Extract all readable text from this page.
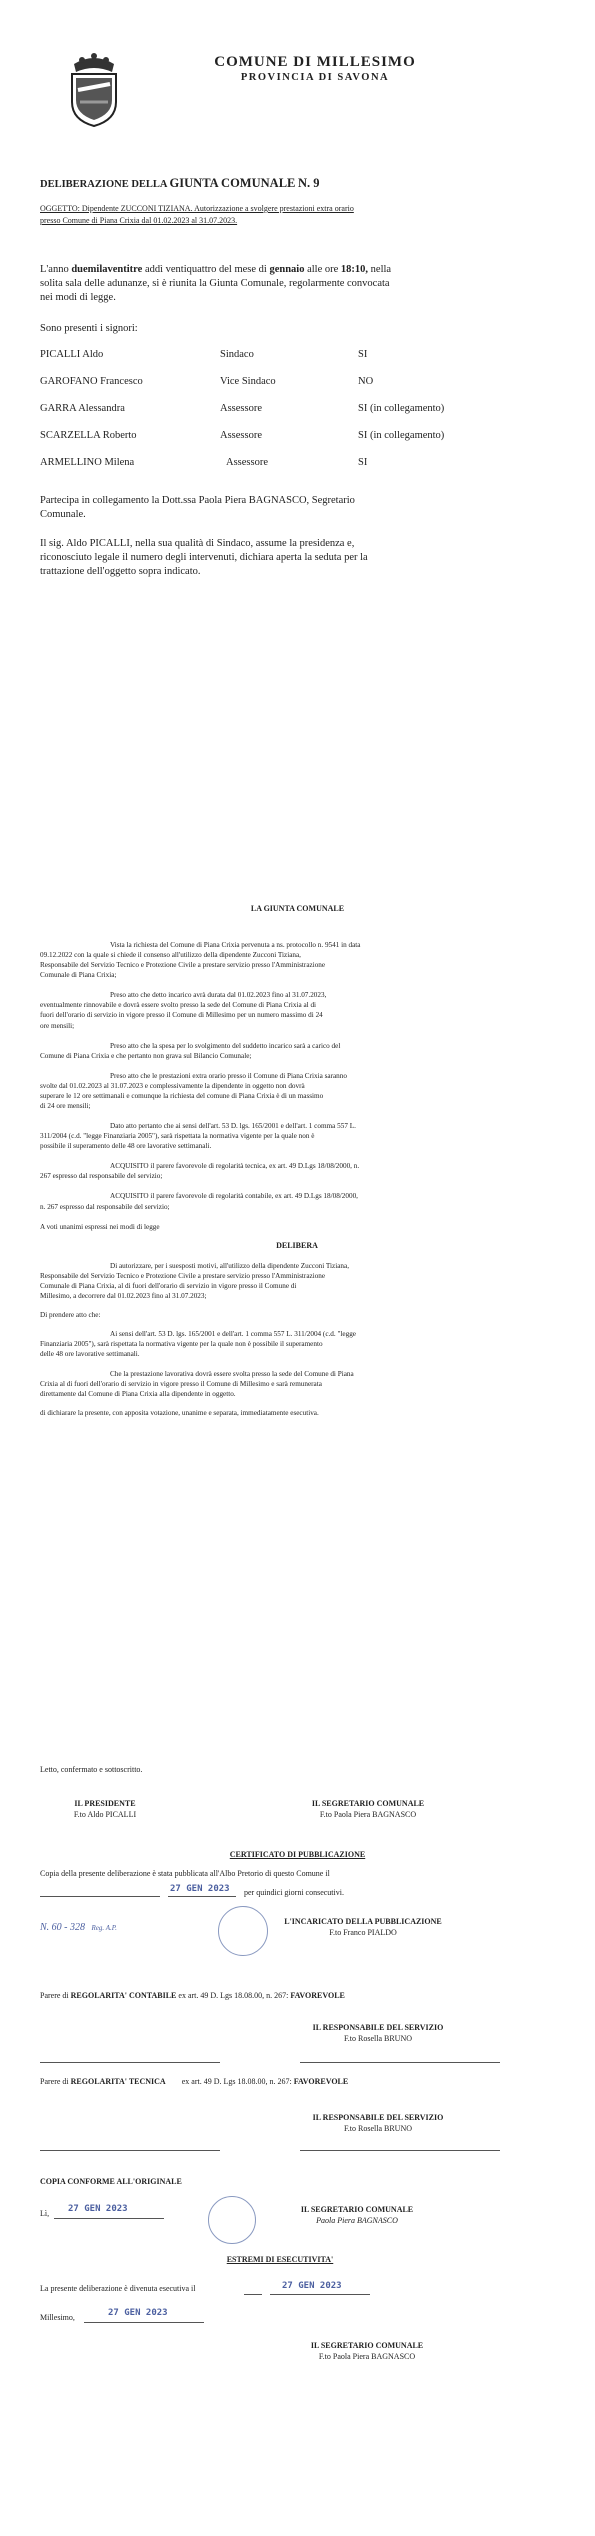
COMUNE DI MILLESIMO
PROVINCIA DI SAVONA
DELIBERAZIONE DELLA GIUNTA COMUNALE N. 9
OGGETTO: Dipendente ZUCCONI TIZIANA. Autorizzazione a svolgere prestazioni extra orario
presso Comune di Piana Crixia dal 01.02.2023 al 31.07.2023.
L'anno duemilaventitre addì ventiquattro del mese di gennaio alle ore 18:10, nella
solita sala delle adunanze, si è riunita la Giunta Comunale, regolarmente convocata
nei modi di legge.
Sono presenti i signori:
PICALLI Aldo	Sindaco	SI
GAROFANO Francesco	Vice Sindaco	NO
GARRA Alessandra	Assessore	SI (in collegamento)
SCARZELLA Roberto	Assessore	SI (in collegamento)
ARMELLINO Milena	Assessore	SI
Partecipa in collegamento la Dott.ssa Paola Piera BAGNASCO, Segretario
Comunale.
Il sig. Aldo PICALLI, nella sua qualità di Sindaco, assume la presidenza e,
riconosciuto legale il numero degli intervenuti, dichiara aperta la seduta per la
trattazione dell'oggetto sopra indicato.
LA GIUNTA COMUNALE
Vista la richiesta del Comune di Piana Crixia pervenuta a ns. protocollo n. 9541 in data
09.12.2022 con la quale si chiede il consenso all'utilizzo della dipendente Zucconi Tiziana,
Responsabile del Servizio Tecnico e Protezione Civile a prestare servizio presso l'Amministrazione
Comunale di Piana Crixia;
Preso atto che detto incarico avrà durata dal 01.02.2023 fino al 31.07.2023,
eventualmente rinnovabile e dovrà essere svolto presso la sede del Comune di Piana Crixia al di
fuori dell'orario di servizio in vigore presso il Comune di Millesimo per un numero massimo di 24
ore mensili;
Preso atto che la spesa per lo svolgimento del suddetto incarico sarà a carico del
Comune di Piana Crixia e che pertanto non grava sul Bilancio Comunale;
Preso atto che le prestazioni extra orario presso il Comune di Piana Crixia saranno
svolte dal 01.02.2023 al 31.07.2023 e complessivamente la dipendente in oggetto non dovrà
superare le 12 ore settimanali e comunque la richiesta del comune di Piana Crixia è di un massimo
di 24 ore mensili;
Dato atto pertanto che ai sensi dell'art. 53 D. lgs. 165/2001 e dell'art. 1 comma 557 L.
311/2004 (c.d. "legge Finanziaria 2005"), sarà rispettata la normativa vigente per la quale non è
possibile il superamento delle 48 ore lavorative settimanali.
ACQUISITO il parere favorevole di regolarità tecnica, ex art. 49 D.Lgs 18/08/2000, n.
267 espresso dal responsabile del servizio;
ACQUISITO il parere favorevole di regolarità contabile, ex art. 49 D.Lgs 18/08/2000,
n. 267 espresso dal responsabile del servizio;
A voti unanimi espressi nei modi di legge
DELIBERA
Di autorizzare, per i suesposti motivi, all'utilizzo della dipendente Zucconi Tiziana,
Responsabile del Servizio Tecnico e Protezione Civile a prestare servizio presso l'Amministrazione
Comunale di Piana Crixia, al di fuori dell'orario di servizio in vigore presso il Comune di
Millesimo, a decorrere dal 01.02.2023 fino al 31.07.2023;
Di prendere atto che:
Ai sensi dell'art. 53 D. lgs. 165/2001 e dell'art. 1 comma 557 L. 311/2004 (c.d. "legge
Finanziaria 2005"), sarà rispettata la normativa vigente per la quale non è possibile il superamento
delle 48 ore lavorative settimanali.
Che la prestazione lavorativa dovrà essere svolta presso la sede del Comune di Piana
Crixia al di fuori dell'orario di servizio in vigore presso il Comune di Millesimo e sarà remunerata
direttamente dal Comune di Piana Crixia alla dipendente in oggetto.
di dichiarare la presente, con apposita votazione, unanime e separata, immediatamente esecutiva.
Letto, confermato e sottoscritto.
IL PRESIDENTE
F.to Aldo PICALLI
IL SEGRETARIO COMUNALE
F.to Paola Piera BAGNASCO
CERTIFICATO DI PUBBLICAZIONE
Copia della presente deliberazione è stata pubblicata all'Albo Pretorio di questo Comune il
27 GEN 2023 per quindici giorni consecutivi.
N. 60 - 328 Reg. A.P.
L'INCARICATO DELLA PUBBLICAZIONE
F.to Franco PIALDO
Parere di REGOLARITA' CONTABILE ex art. 49 D. Lgs 18.08.00, n. 267: FAVOREVOLE
IL RESPONSABILE DEL SERVIZIO
F.to Rosella BRUNO
Parere di REGOLARITA' TECNICA ex art. 49 D. Lgs 18.08.00, n. 267: FAVOREVOLE
IL RESPONSABILE DEL SERVIZIO
F.to Rosella BRUNO
COPIA CONFORME ALL'ORIGINALE
Lì, 27 GEN 2023	IL SEGRETARIO COMUNALE
Paola Piera BAGNASCO
ESTREMI DI ESECUTIVITA'
La presente deliberazione è divenuta esecutiva il	27 GEN 2023
Millesimo,	27 GEN 2023
IL SEGRETARIO COMUNALE
F.to Paola Piera BAGNASCO
